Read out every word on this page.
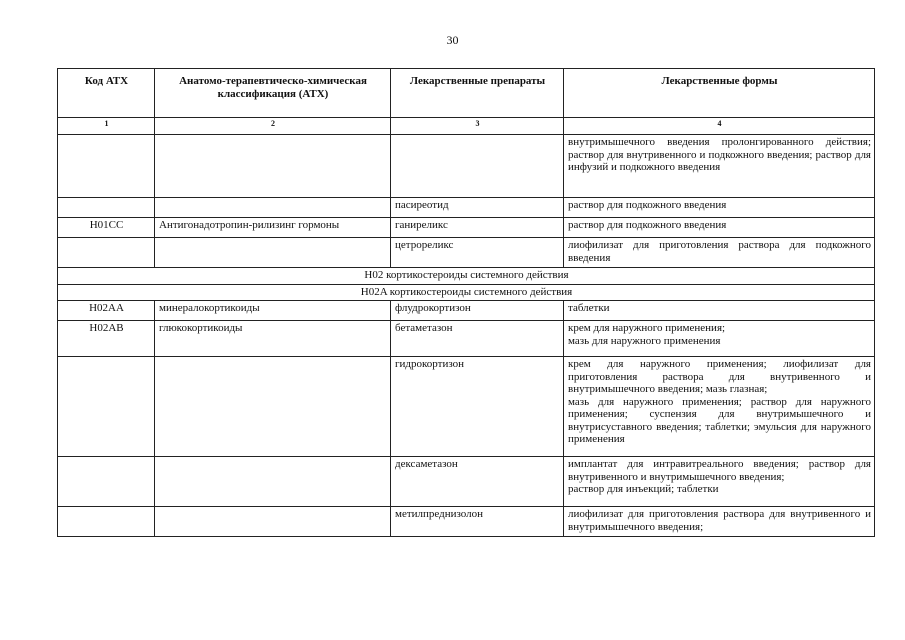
30
Код АТХ	Анатомо-терапевтическо-химическая классификация (АТХ)	Лекарственные препараты	Лекарственные формы
1	2	3	4
			внутримышечного введения пролонгированного действия; раствор для внутривенного и подкожного введения; раствор для инфузий и подкожного введения
		пасиреотид	раствор для подкожного введения
H01CC	Антигонадотропин-рилизинг гормоны	ганиреликс	раствор для подкожного введения
		цетрореликс	лиофилизат для приготовления раствора для подкожного введения
H02 кортикостероиды системного действия			
H02A кортикостероиды системного действия			
H02AA	минералокортикоиды	флудрокортизон	таблетки
H02AB	глюкокортикоиды	бетаметазон	крем для наружного применения;
мазь для наружного применения

		гидрокортизон	крем для наружного применения; лиофилизат для приготовления раствора для внутривенного и внутримышечного введения; мазь глазная;
мазь для наружного применения; раствор для наружного применения; суспензия для внутримышечного и внутрисуставного введения; таблетки; эмульсия для наружного применения

		дексаметазон	имплантат для интравитреального введения; раствор для внутривенного и внутримышечного введения;
раствор для инъекций; таблетки

		метилпреднизолон	лиофилизат для приготовления раствора для внутривенного и внутримышечного введения;
